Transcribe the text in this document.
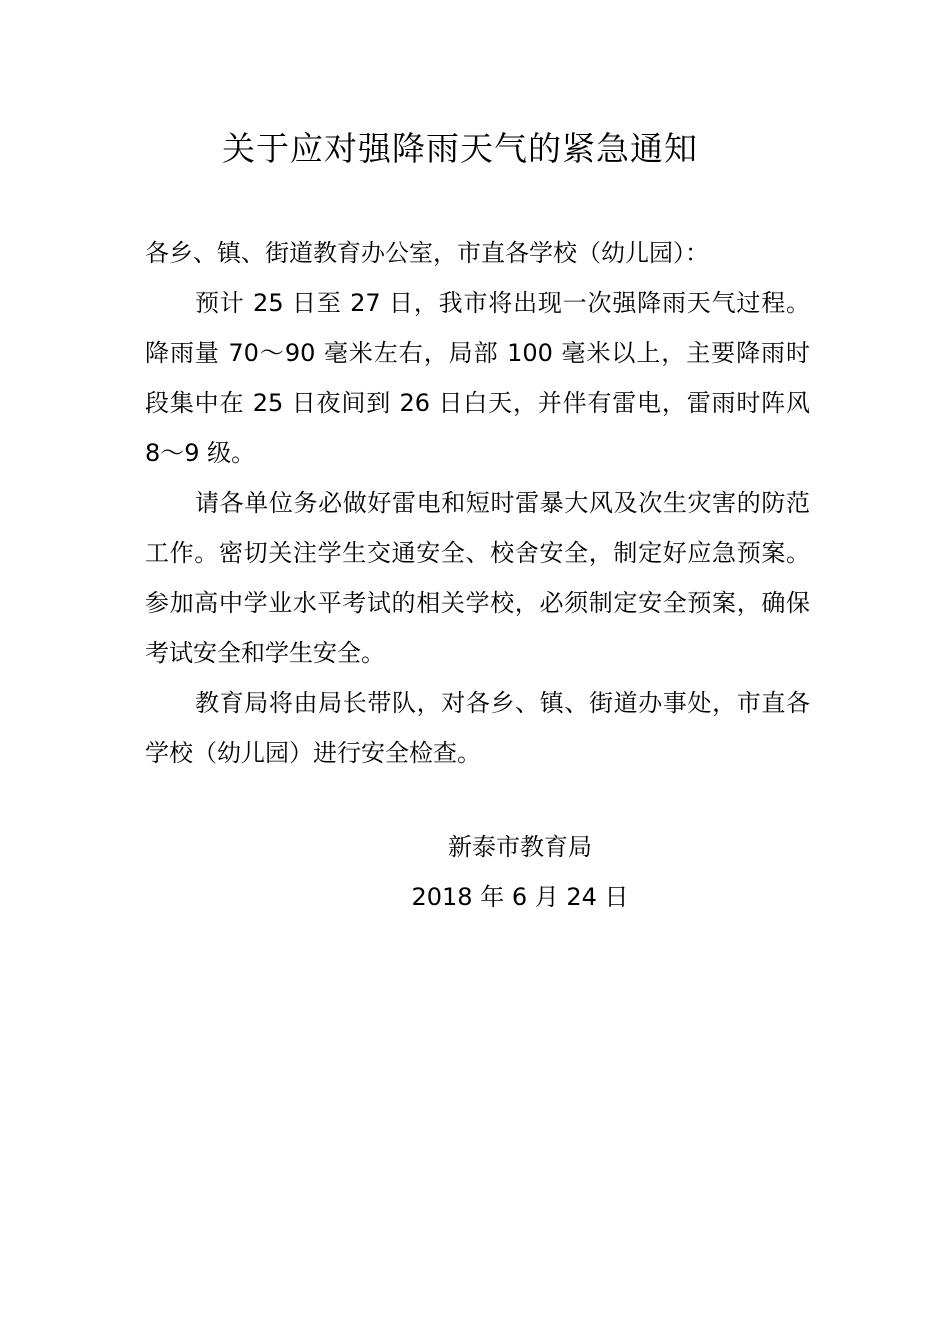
关于应对强降雨天气的紧急通知

各乡、镇、街道教育办公室，市直各学校（幼儿园）：

预计 25 日至 27 日，我市将出现一次强降雨天气过程。降雨量 70～90 毫米左右，局部 100 毫米以上，主要降雨时段集中在 25 日夜间到 26 日白天，并伴有雷电，雷雨时阵风 8～9 级。

请各单位务必做好雷电和短时雷暴大风及次生灾害的防范工作。密切关注学生交通安全、校舍安全，制定好应急预案。参加高中学业水平考试的相关学校，必须制定安全预案，确保考试安全和学生安全。

教育局将由局长带队，对各乡、镇、街道办事处，市直各学校（幼儿园）进行安全检查。

新泰市教育局
2018 年 6 月 24 日
